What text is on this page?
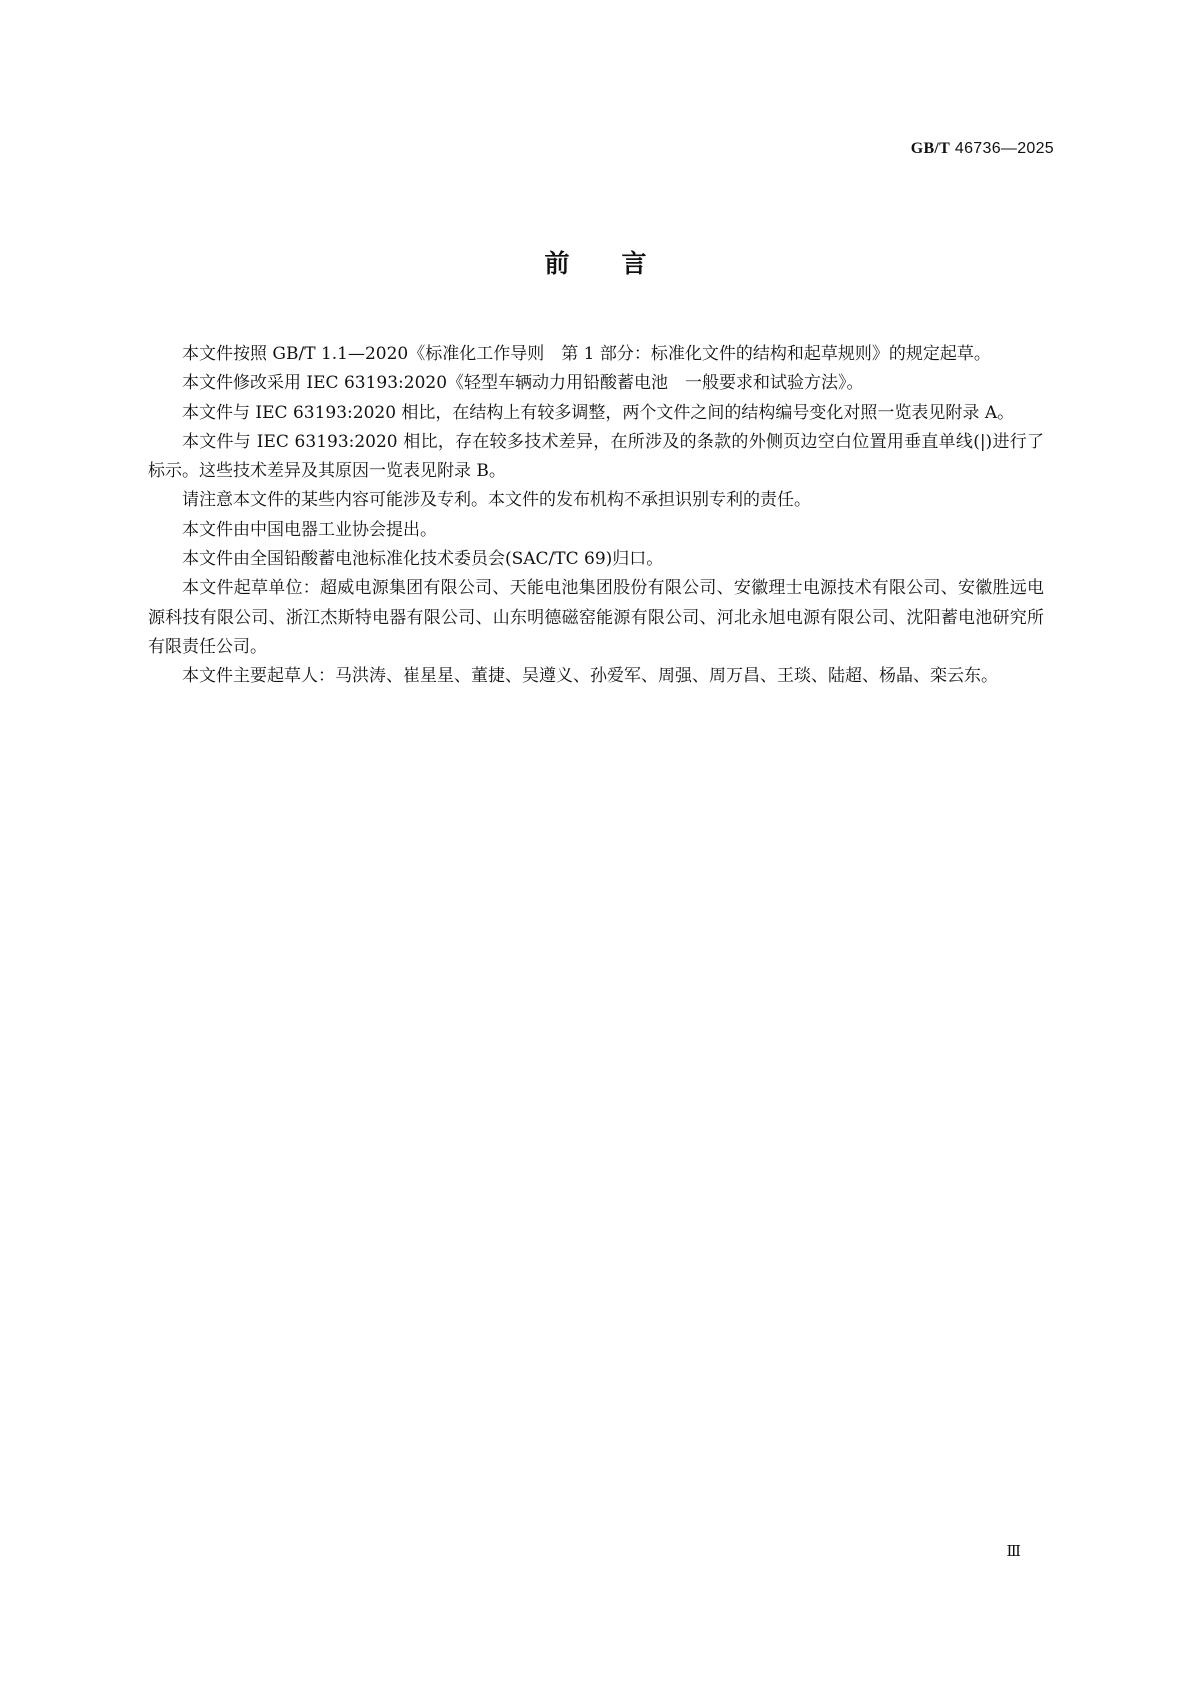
GB/T 46736—2025
前言

本文件按照 GB/T 1.1—2020《标准化工作导则　第 1 部分：标准化文件的结构和起草规则》的规定起草。

本文件修改采用 IEC 63193:2020《轻型车辆动力用铅酸蓄电池　一般要求和试验方法》。

本文件与 IEC 63193:2020 相比，在结构上有较多调整，两个文件之间的结构编号变化对照一览表见附录 A。

本文件与 IEC 63193:2020 相比，存在较多技术差异，在所涉及的条款的外侧页边空白位置用垂直单线(|)进行了标示。这些技术差异及其原因一览表见附录 B。

请注意本文件的某些内容可能涉及专利。本文件的发布机构不承担识别专利的责任。

本文件由中国电器工业协会提出。

本文件由全国铅酸蓄电池标准化技术委员会(SAC/TC 69)归口。

本文件起草单位：超威电源集团有限公司、天能电池集团股份有限公司、安徽理士电源技术有限公司、安徽胜远电源科技有限公司、浙江杰斯特电器有限公司、山东明德磁窑能源有限公司、河北永旭电源有限公司、沈阳蓄电池研究所有限责任公司。

本文件主要起草人：马洪涛、崔星星、董捷、吴遵义、孙爱军、周强、周万昌、王琰、陆超、杨晶、栾云东。

Ⅲ
